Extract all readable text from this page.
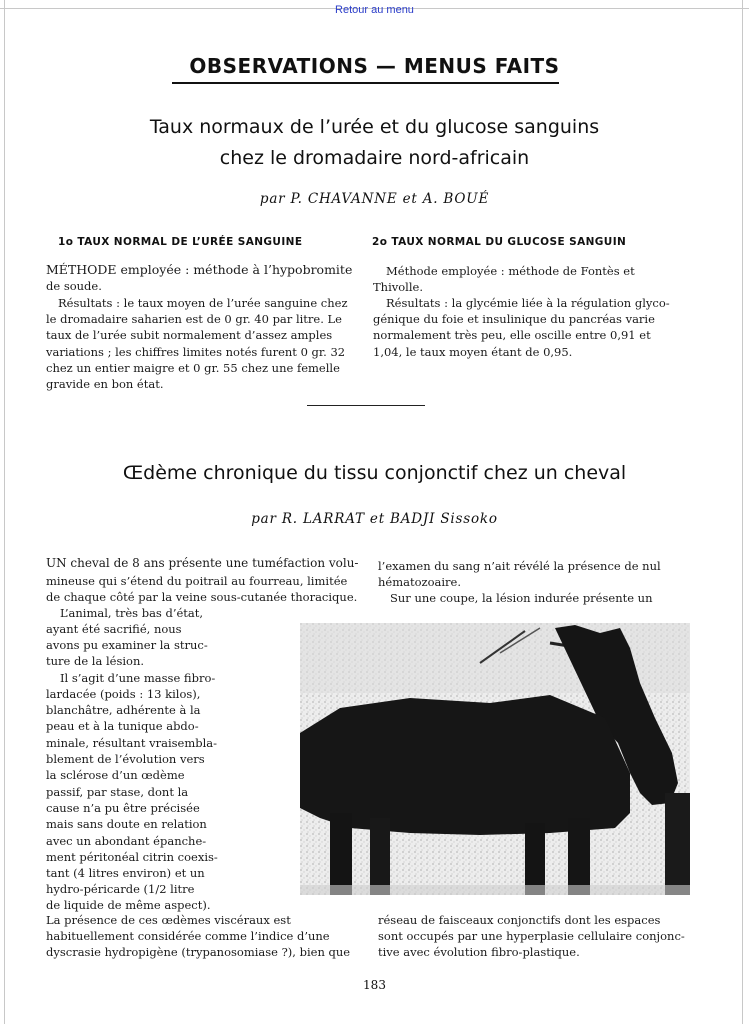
Retour au menu
OBSERVATIONS — MENUS FAITS
Taux normaux de l’urée et du glucose sanguins
chez le dromadaire nord-africain
par P. CHAVANNE et A. BOUÉ
1o TAUX NORMAL DE L’URÉE SANGUINE	2o TAUX NORMAL DU GLUCOSE SANGUIN
MÉTHODE employée : méthode à l’hypobromite
de soude.
Résultats : le taux moyen de l’urée sanguine chez
le dromadaire saharien est de 0 gr. 40 par litre. Le
taux de l’urée subit normalement d’assez amples
variations ; les chiffres limites notés furent 0 gr. 32
chez un entier maigre et 0 gr. 55 chez une femelle
gravide en bon état.
Méthode employée : méthode de Fontès et
Thivolle.
Résultats : la glycémie liée à la régulation glyco-
génique du foie et insulinique du pancréas varie
normalement très peu, elle oscille entre 0,91 et
1,04, le taux moyen étant de 0,95.
Œdème chronique du tissu conjonctif chez un cheval
par R. LARRAT et BADJI Sissoko
UN cheval de 8 ans présente une tuméfaction volu-
mineuse qui s’étend du poitrail au fourreau, limitée
de chaque côté par la veine sous-cutanée thoracique.
L’animal, très bas d’état,
ayant été sacrifié, nous
avons pu examiner la struc-
ture de la lésion.
Il s’agit d’une masse fibro-
lardacée (poids : 13 kilos),
blanchâtre, adhérente à la
peau et à la tunique abdo-
minale, résultant vraisembla-
blement de l’évolution vers
la sclérose d’un œdème
passif, par stase, dont la
cause n’a pu être précisée
mais sans doute en relation
avec un abondant épanche-
ment péritonéal citrin coexis-
tant (4 litres environ) et un
hydro-péricarde (1/2 litre
de liquide de même aspect).
La présence de ces œdèmes viscéraux est
habituellement considérée comme l’indice d’une
dyscrasie hydropigène (trypanosomiase ?), bien que
l’examen du sang n’ait révélé la présence de nul
hématozoaire.
Sur une coupe, la lésion indurée présente un
réseau de faisceaux conjonctifs dont les espaces
sont occupés par une hyperplasie cellulaire conjonc-
tive avec évolution fibro-plastique.
183
